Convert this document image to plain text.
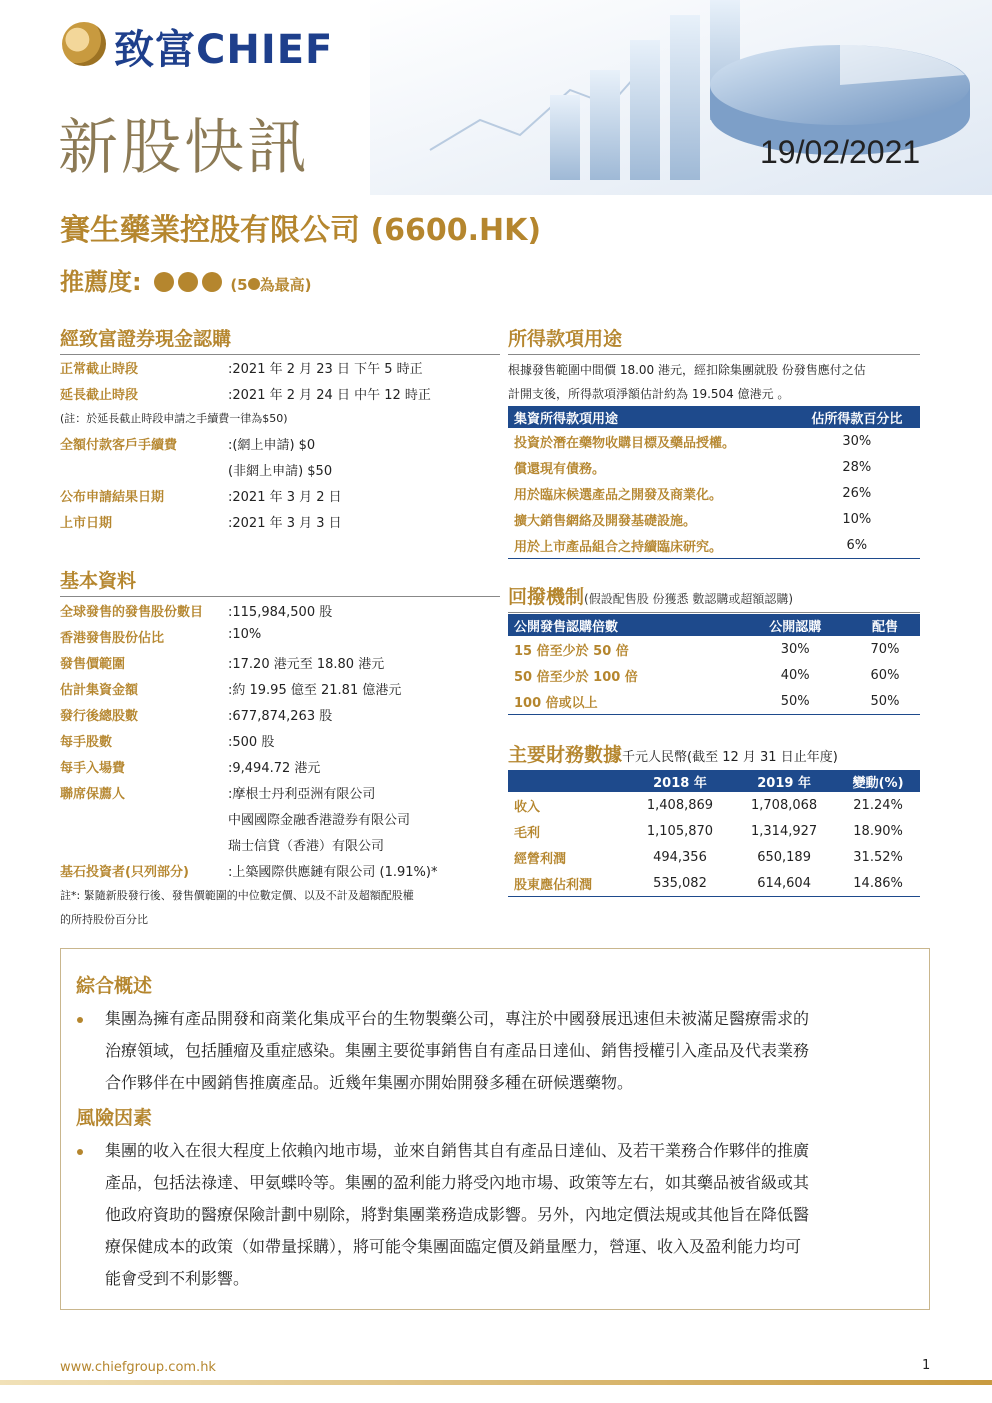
致富CHIEF
新股快訊	19/02/2021
賽生藥業控股有限公司 (6600.HK)
推薦度:	(5 為最高)
經致富證券現金認購
正常截止時段	:2021 年 2 月 23 日 下午 5 時正
延長截止時段	:2021 年 2 月 24 日 中午 12 時正
(註：於延長截止時段申請之手續費一律為$50)
全額付款客戶手續費	:(網上申請) $0
(非網上申請) $50
公布申請結果日期	:2021 年 3 月 2 日
上市日期	:2021 年 3 月 3 日
基本資料
全球發售的發售股份數目 :115,984,500 股
香港發售股份佔比	:10%
發售價範圍	:17.20 港元至 18.80 港元
估計集資金額	:約 19.95 億至 21.81 億港元
發行後總股數	:677,874,263 股
每手股數	:500 股
每手入場費	:9,494.72 港元
聯席保薦人	:摩根士丹利亞洲有限公司
中國國際金融香港證券有限公司
瑞士信貸（香港）有限公司
基石投資者(只列部分)	:上築國際供應鏈有限公司 (1.91%)*
註*: 緊隨新股發行後、發售價範圍的中位數定價、以及不計及超額配股權
的所持股份百分比
所得款項用途
根據發售範圍中間價 18.00 港元，經扣除集團就股 份發售應付之估
計開支後，所得款項淨額估計約為 19.504 億港元 。
集資所得款項用途	佔所得款百分比
投資於潛在藥物收購目標及藥品授權。	30%
償還現有債務。	28%
用於臨床候選產品之開發及商業化。	26%
擴大銷售網絡及開發基礎設施。	10%
用於上市產品組合之持續臨床研究。	6%
回撥機制(假設配售股 份獲悉 數認購或超額認購)
公開發售認購倍數	公開認購	配售
15 倍至少於 50 倍	30%	70%
50 倍至少於 100 倍	40%	60%
100 倍或以上	50%	50%
主要財務數據千元人民幣(截至 12 月 31 日止年度)
	2018 年	2019 年	變動(%)
收入	1,408,869	1,708,068	21.24%
毛利	1,105,870	1,314,927	18.90%
經營利潤	494,356	650,189	31.52%
股東應佔利潤	535,082	614,604	14.86%
綜合概述
集團為擁有產品開發和商業化集成平台的生物製藥公司，專注於中國發展迅速但未被滿足醫療需求的
治療領域，包括腫瘤及重症感染。集團主要從事銷售自有產品日達仙、銷售授權引入產品及代表業務
合作夥伴在中國銷售推廣產品。近幾年集團亦開始開發多種在研候選藥物。
風險因素
集團的收入在很大程度上依賴內地市場，並來自銷售其自有產品日達仙、及若干業務合作夥伴的推廣
產品，包括法祿達、甲氨蝶呤等。集團的盈利能力將受內地市場、政策等左右，如其藥品被省級或其
他政府資助的醫療保險計劃中剔除，將對集團業務造成影響。另外，內地定價法規或其他旨在降低醫
療保健成本的政策（如帶量採購），將可能令集團面臨定價及銷量壓力，營運、收入及盈利能力均可
能會受到不利影響。
www.chiefgroup.com.hk	1
